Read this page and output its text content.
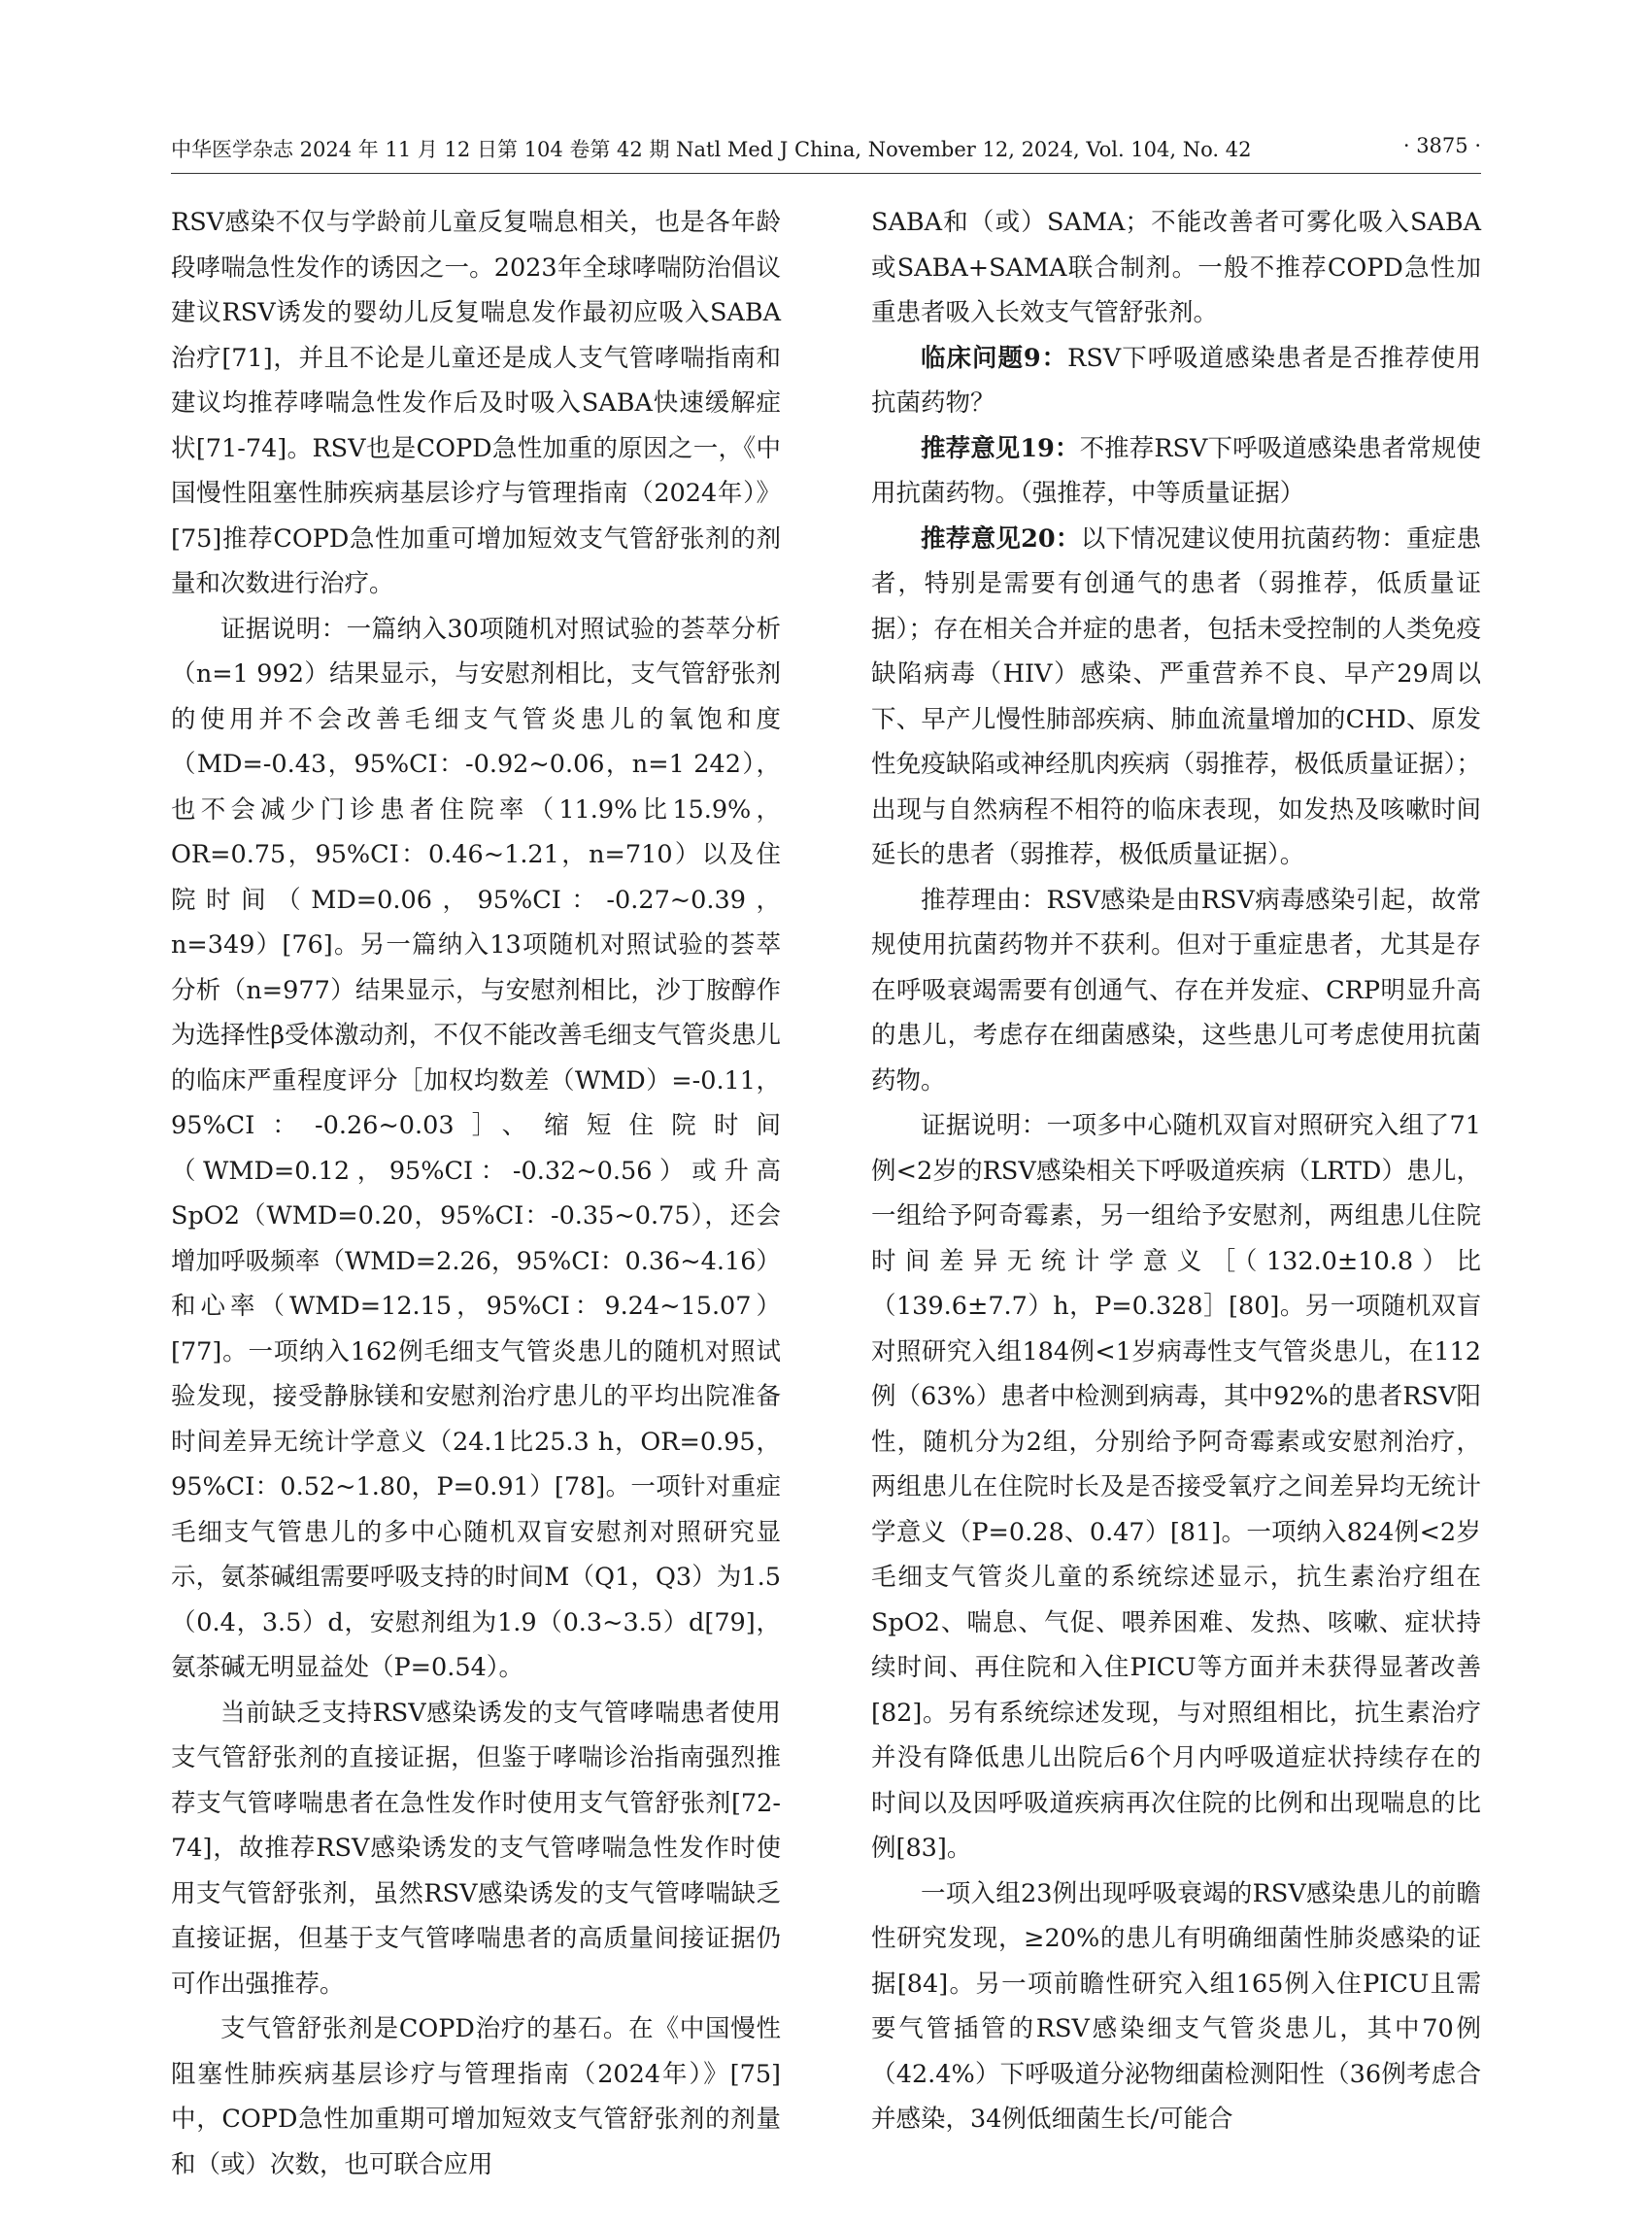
中华医学杂志 2024 年 11 月 12 日第 104 卷第 42 期 Natl Med J China, November 12, 2024, Vol. 104, No. 42	· 3875 ·

RSV感染不仅与学龄前儿童反复喘息相关，也是各年龄段哮喘急性发作的诱因之一。2023年全球哮喘防治倡议建议RSV诱发的婴幼儿反复喘息发作最初应吸入SABA治疗[71]，并且不论是儿童还是成人支气管哮喘指南和建议均推荐哮喘急性发作后及时吸入SABA快速缓解症状[71-74]。RSV也是COPD急性加重的原因之一，《中国慢性阻塞性肺疾病基层诊疗与管理指南（2024年）》[75]推荐COPD急性加重可增加短效支气管舒张剂的剂量和次数进行治疗。

证据说明：一篇纳入30项随机对照试验的荟萃分析（n=1 992）结果显示，与安慰剂相比，支气管舒张剂的使用并不会改善毛细支气管炎患儿的氧饱和度（MD=-0.43，95%CI：-0.92~0.06，n=1 242），也不会减少门诊患者住院率（11.9%比15.9%，OR=0.75，95%CI：0.46~1.21，n=710）以及住院时间（MD=0.06，95%CI：-0.27~0.39，n=349）[76]。另一篇纳入13项随机对照试验的荟萃分析（n=977）结果显示，与安慰剂相比，沙丁胺醇作为选择性β受体激动剂，不仅不能改善毛细支气管炎患儿的临床严重程度评分［加权均数差（WMD）=-0.11，95%CI：-0.26~0.03］、缩短住院时间（WMD=0.12，95%CI：-0.32~0.56）或升高SpO2（WMD=0.20，95%CI：-0.35~0.75），还会增加呼吸频率（WMD=2.26，95%CI：0.36~4.16）和心率（WMD=12.15，95%CI：9.24~15.07）[77]。一项纳入162例毛细支气管炎患儿的随机对照试验发现，接受静脉镁和安慰剂治疗患儿的平均出院准备时间差异无统计学意义（24.1比25.3 h，OR=0.95，95%CI：0.52~1.80，P=0.91）[78]。一项针对重症毛细支气管患儿的多中心随机双盲安慰剂对照研究显示，氨茶碱组需要呼吸支持的时间M（Q1，Q3）为1.5（0.4，3.5）d，安慰剂组为1.9（0.3~3.5）d[79]，氨茶碱无明显益处（P=0.54）。

当前缺乏支持RSV感染诱发的支气管哮喘患者使用支气管舒张剂的直接证据，但鉴于哮喘诊治指南强烈推荐支气管哮喘患者在急性发作时使用支气管舒张剂[72-74]，故推荐RSV感染诱发的支气管哮喘急性发作时使用支气管舒张剂，虽然RSV感染诱发的支气管哮喘缺乏直接证据，但基于支气管哮喘患者的高质量间接证据仍可作出强推荐。

支气管舒张剂是COPD治疗的基石。在《中国慢性阻塞性肺疾病基层诊疗与管理指南（2024年）》[75]中，COPD急性加重期可增加短效支气管舒张剂的剂量和（或）次数，也可联合应用

SABA和（或）SAMA；不能改善者可雾化吸入SABA或SABA+SAMA联合制剂。一般不推荐COPD急性加重患者吸入长效支气管舒张剂。

临床问题9：RSV下呼吸道感染患者是否推荐使用抗菌药物？

推荐意见19：不推荐RSV下呼吸道感染患者常规使用抗菌药物。（强推荐，中等质量证据）

推荐意见20：以下情况建议使用抗菌药物：重症患者，特别是需要有创通气的患者（弱推荐，低质量证据）；存在相关合并症的患者，包括未受控制的人类免疫缺陷病毒（HIV）感染、严重营养不良、早产29周以下、早产儿慢性肺部疾病、肺血流量增加的CHD、原发性免疫缺陷或神经肌肉疾病（弱推荐，极低质量证据）；出现与自然病程不相符的临床表现，如发热及咳嗽时间延长的患者（弱推荐，极低质量证据）。

推荐理由：RSV感染是由RSV病毒感染引起，故常规使用抗菌药物并不获利。但对于重症患者，尤其是存在呼吸衰竭需要有创通气、存在并发症、CRP明显升高的患儿，考虑存在细菌感染，这些患儿可考虑使用抗菌药物。

证据说明：一项多中心随机双盲对照研究入组了71例<2岁的RSV感染相关下呼吸道疾病（LRTD）患儿，一组给予阿奇霉素，另一组给予安慰剂，两组患儿住院时间差异无统计学意义［（132.0±10.8）比（139.6±7.7）h，P=0.328］[80]。另一项随机双盲对照研究入组184例<1岁病毒性支气管炎患儿，在112例（63%）患者中检测到病毒，其中92%的患者RSV阳性，随机分为2组，分别给予阿奇霉素或安慰剂治疗，两组患儿在住院时长及是否接受氧疗之间差异均无统计学意义（P=0.28、0.47）[81]。一项纳入824例<2岁毛细支气管炎儿童的系统综述显示，抗生素治疗组在SpO2、喘息、气促、喂养困难、发热、咳嗽、症状持续时间、再住院和入住PICU等方面并未获得显著改善[82]。另有系统综述发现，与对照组相比，抗生素治疗并没有降低患儿出院后6个月内呼吸道症状持续存在的时间以及因呼吸道疾病再次住院的比例和出现喘息的比例[83]。

一项入组23例出现呼吸衰竭的RSV感染患儿的前瞻性研究发现，≥20%的患儿有明确细菌性肺炎感染的证据[84]。另一项前瞻性研究入组165例入住PICU且需要气管插管的RSV感染细支气管炎患儿，其中70例（42.4%）下呼吸道分泌物细菌检测阳性（36例考虑合并感染，34例低细菌生长/可能合
